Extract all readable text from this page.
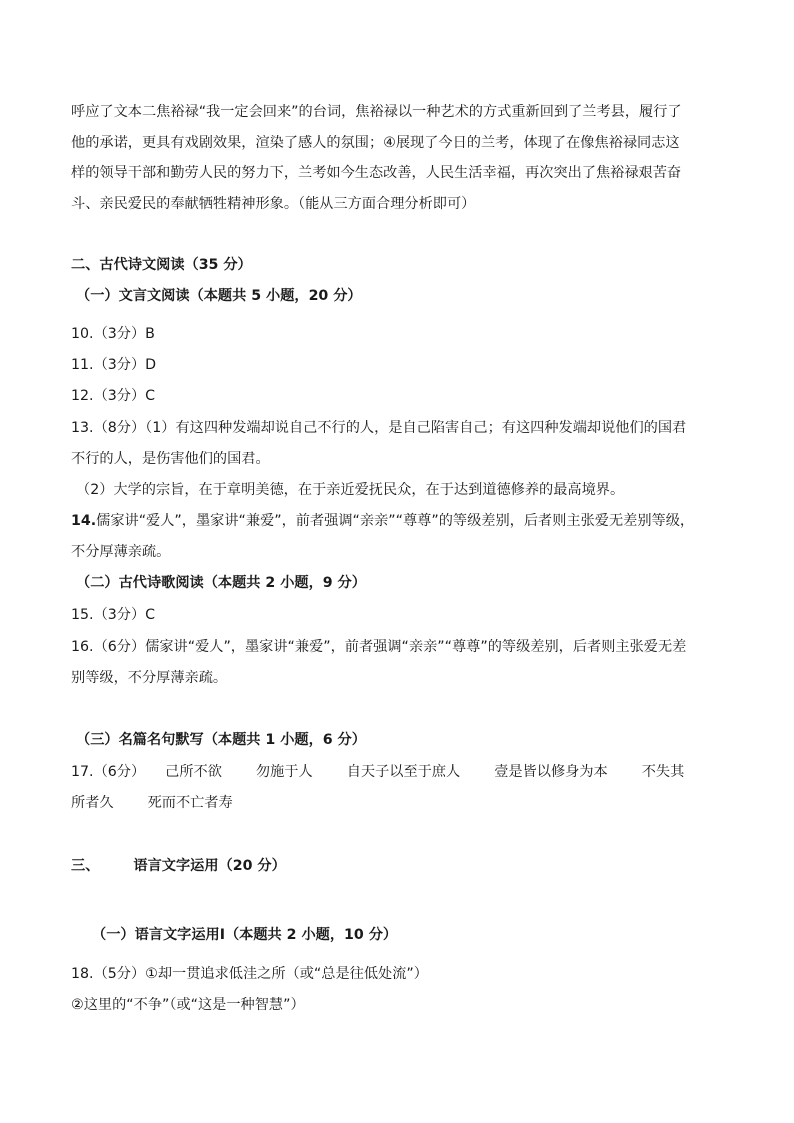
呼应了文本二焦裕禄“我一定会回来”的台词，焦裕禄以一种艺术的方式重新回到了兰考县，履行了
他的承诺，更具有戏剧效果，渲染了感人的氛围；④展现了今日的兰考，体现了在像焦裕禄同志这
样的领导干部和勤劳人民的努力下，兰考如今生态改善，人民生活幸福，再次突出了焦裕禄艰苦奋
斗、亲民爱民的奉献牺牲精神形象。（能从三方面合理分析即可）
二、古代诗文阅读（35 分）
（一）文言文阅读（本题共 5 小题，20 分）
10.（3分）B
11.（3分）D
12.（3分）C
13.（8分）（1）有这四种发端却说自己不行的人，是自己陷害自己；有这四种发端却说他们的国君
不行的人，是伤害他们的国君。
（2）大学的宗旨，在于章明美德，在于亲近爱抚民众，在于达到道德修养的最高境界。
14.儒家讲“爱人”，墨家讲“兼爱”，前者强调“亲亲”“尊尊”的等级差别，后者则主张爱无差别等级，
不分厚薄亲疏。
（二）古代诗歌阅读（本题共 2 小题，9 分）
15.（3分）C
16.（6分）儒家讲“爱人”，墨家讲“兼爱”，前者强调“亲亲”“尊尊”的等级差别，后者则主张爱无差
别等级，不分厚薄亲疏。
（三）名篇名句默写（本题共 1 小题，6 分）
17.（6分） 己所不欲 勿施于人 自天子以至于庶人 壹是皆以修身为本 不失其
所者久 死而不亡者寿
三、 语言文字运用（20 分）
（一）语言文字运用Ⅰ（本题共 2 小题，10 分）
18.（5分）①却一贯追求低洼之所（或“总是往低处流”）
②这里的“不争”（或“这是一种智慧”）
